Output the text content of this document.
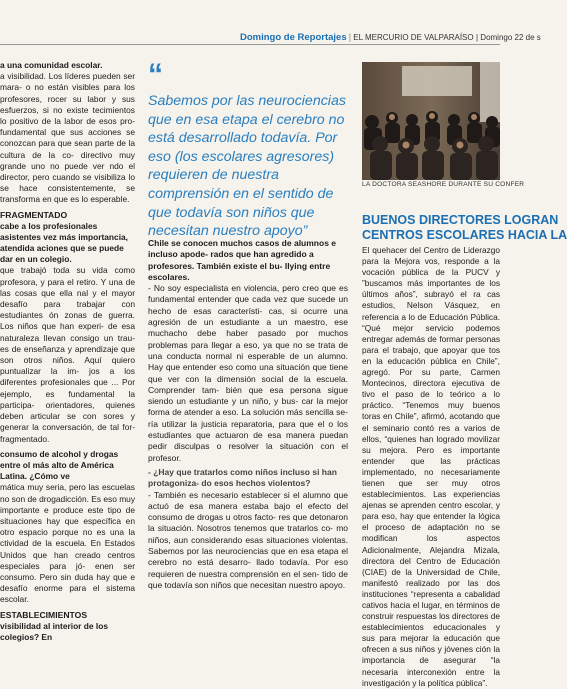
Domingo de Reportajes | EL MERCURIO DE VALPARAÍSO | Domingo 22 de s
a una comunidad escolar.
a visibilidad. Los líderes pueden ser mara- o no están visibles para los profesores, rocer su labor y sus esfuerzos, si no existe tecimientos lo positivo de la labor de esos pro- fundamental que sus acciones se conozcan para que sean parte de la cultura de la co- directivo muy grande uno no puede ver ndo el director, pero cuando se visibiliza lo se hace consistentemente, se transforma en que es lo esperable.
FRAGMENTADO
cabe a los profesionales asistentes vez más importancia, atendida aciones que se puede dar en un colegio.
que trabajó toda su vida como profesora, y para el retiro. Y una de las cosas que ella nal y el mayor desafío para trabajar con estudiantes ón zonas de guerra. Los niños que han experi- de esa naturaleza llevan consigo un trau- es de enseñanza y aprendizaje que son otros niños. Aquí quiero puntualizar la im- jos a los diferentes profesionales que ... Por ejemplo, es fundamental la participa- orientadores, quienes deben articular se con sores y generar la conversación, de tal for- fragmentado.
consumo de alcohol y drogas entre ol más alto de América Latina. ¿Cómo ve
mática muy seria, pero las escuelas no son de drogadicción. Es eso muy importante e produce este tipo de situaciones hay que específica en otro espacio porque no es una la ctividad de la escuela. En Estados Unidos que han creado centros especiales para jó- enen ser consumo. Pero sin duda hay que e desafío enorme para el sistema escolar.
ESTABLECIMIENTOS
visibilidad al interior de los colegios? En
“
Sabemos por las neurociencias que en esa etapa el cerebro no está desarrollado todavía. Por eso (los escolares agresores) requieren de nuestra comprensión en el sentido de que todavía son niños que necesitan nuestro apoyo”
Chile se conocen muchos casos de alumnos e incluso apode- rados que han agredido a profesores. También existe el bu- llying entre escolares.
- No soy especialista en violencia, pero creo que es fundamental entender que cada vez que sucede un hecho de esas característi- cas, si ocurre una agresión de un estudiante a un maestro, ese muchacho debe haber pasado por muchos problemas para llegar a eso, ya que no se trata de una conducta normal ni esperable de un alumno. Hay que entender eso como una situación que tiene que ver con la dimensión social de la escuela. Comprender tam- bién que esa persona sigue siendo un estudiante y un niño, y bus- car la mejor forma de atender a eso. La solución más sencilla se- ría utilizar la justicia reparatoria, para que el o los estudiantes que actuaron de esa manera puedan pedir disculpas o resolver la situación con el profesor.
- ¿Hay que tratarlos como niños incluso si han protagoniza- do esos hechos violentos?
- También es necesario establecer si el alumno que actuó de esa manera estaba bajo el efecto del consumo de drogas u otros facto- res que detonaron la situación. Nosotros tenemos que tratarlos co- mo niños, aun considerando esas situaciones violentas. Sabemos por las neurociencias que en esa etapa el cerebro no está desarro- llado todavía. Por eso requieren de nuestra comprensión en el sen- tido de que todavía son niños que necesitan nuestro apoyo.
LA DOCTORA SEASHORE DURANTE SU CONFER
BUENOS DIRECTORES LOGRAN
CENTROS ESCOLARES HACIA LA
El quehacer del Centro de Liderazgo para la Mejora vos, responde a la vocación pública de la PUCV y ”buscamos más importantes de los últimos años”, subrayó el ra cas estudios, Nelson Vásquez, en referencia a lo de Educación Pública. “Qué mejor servicio podemos entregar además de formar personas para el trabajo, que apoyar que tos en la educación pública en Chile”, agregó. Por su parte, Carmen Montecinos, directora ejecutiva de tivo el paso de lo teórico a lo práctico. “Tenemos muy buenos toras en Chile”, afirmó, acotando que el seminario contó res a varios de ellos, “quienes han logrado movilizar su mejora. Pero es importante entender que las prácticas implementado, no necesariamente tienen que ser muy otros establecimientos. Las experiencias ajenas se aprenden centro escolar, y para eso, hay que entender la lógica el proceso de adaptación no se modifican los aspectos Adicionalmente, Alejandra Mizala, directora del Centro de Educación (CIAE) de la Universidad de Chile, manifestó realizado por las dos instituciones “representa a cabalidad cativos hacia el lugar, en términos de construir respuestas los directores de establecimientos educacionales y sus para mejorar la educación que ofrecen a sus niños y jóvenes ción la importancia de asegurar “la necesaria interconexión entre la investigación y la política pública”.
